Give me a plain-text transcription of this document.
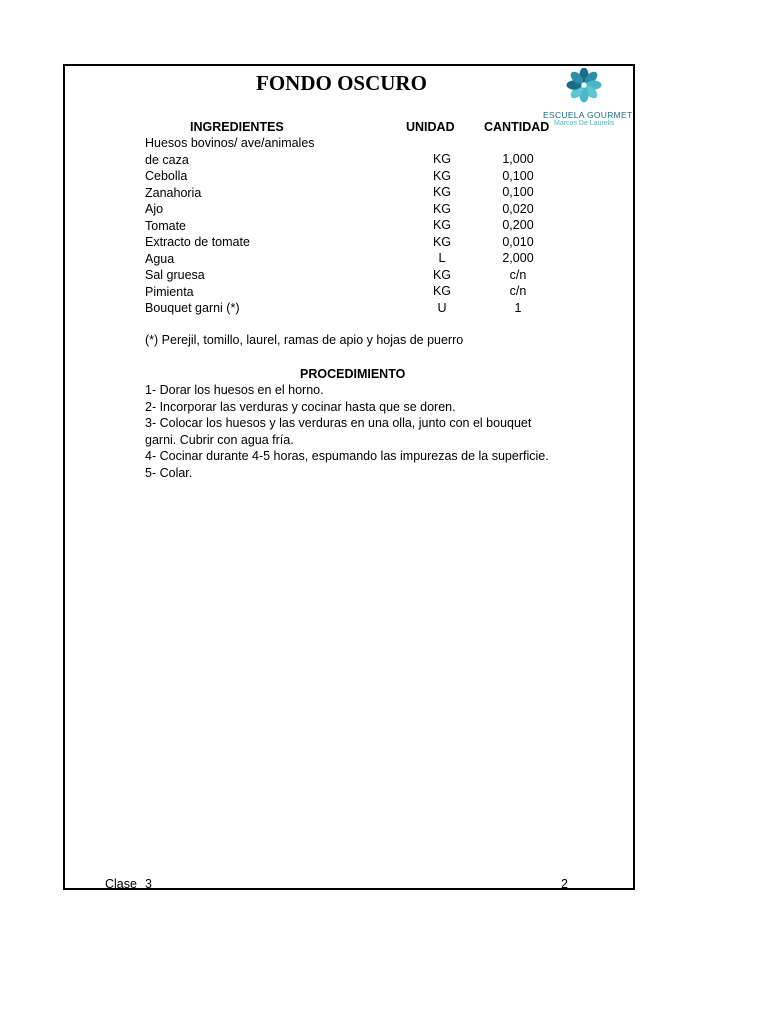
FONDO OSCURO
ESCUELA GOURMET
Marcos De Laurelis
INGREDIENTES	UNIDAD CANTIDAD
Huesos bovinos/ ave/animales
de caza
Cebolla
Zanahoria
Ajo
Tomate
Extracto de tomate
Agua
Sal gruesa
Pimienta
Bouquet garni (*)
KG
KG
KG
KG
KG
KG
L
KG
KG
U
1,000
0,100
0,100
0,020
0,200
0,010
2,000
c/n
c/n
1
(*) Perejil, tomillo, laurel, ramas de apio y hojas de puerro
PROCEDIMIENTO
1- Dorar los huesos en el horno.
2- Incorporar las verduras y cocinar hasta que se doren.
3- Colocar los huesos y las verduras en una olla, junto con el bouquet
garni. Cubrir con agua fría.
4- Cocinar durante 4-5 horas, espumando las impurezas de la superficie.
5- Colar.
Clase 3	2
